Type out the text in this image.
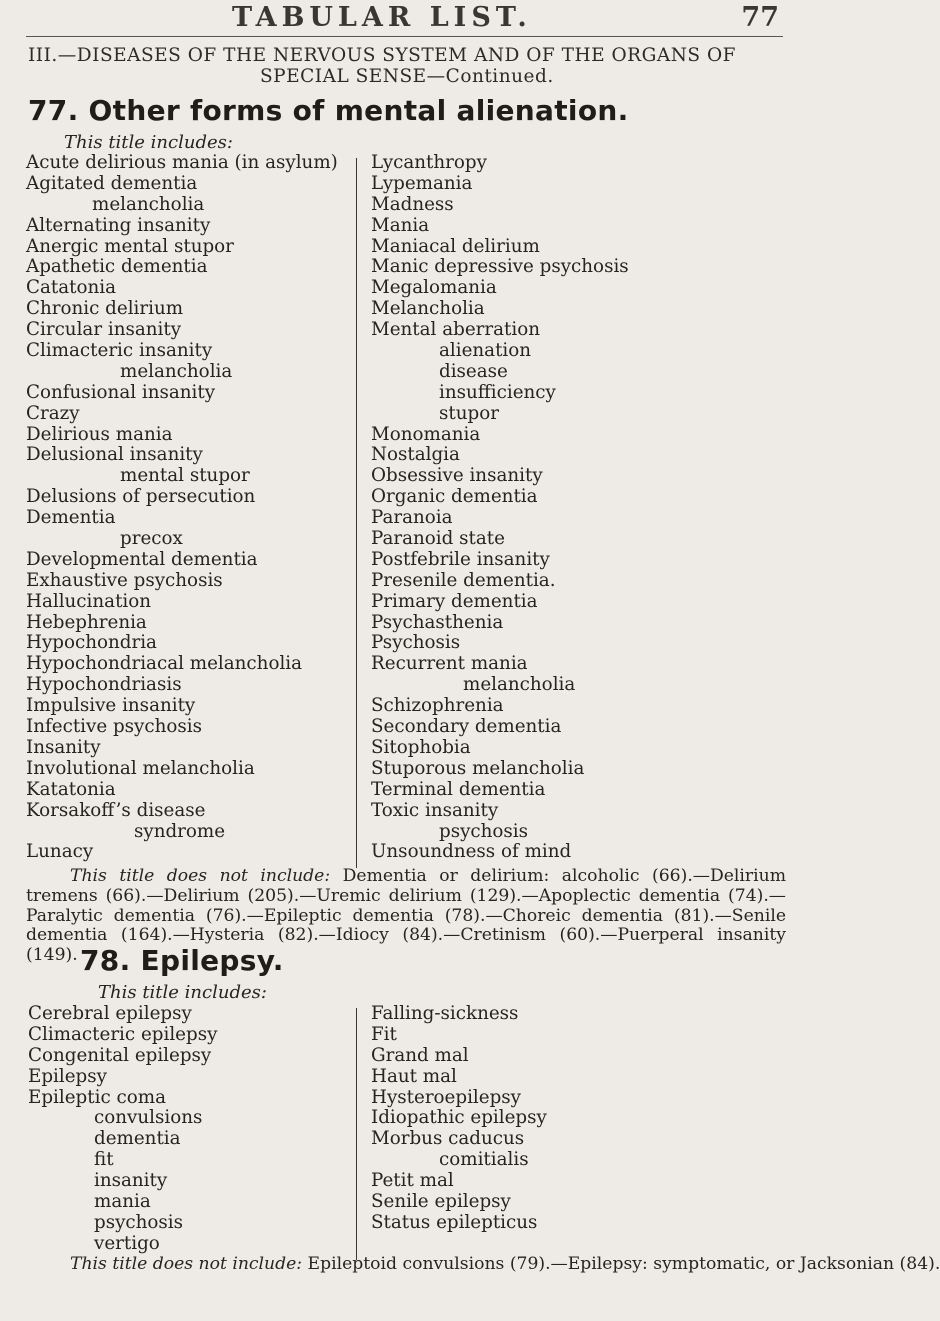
TABULAR LIST.	77
III.—DISEASES OF THE NERVOUS SYSTEM AND OF THE ORGANS OF
SPECIAL SENSE—Continued.
77. Other forms of mental alienation.
This title includes:
Acute delirious mania (in asylum)
Agitated dementia
melancholia
Alternating insanity
Anergic mental stupor
Apathetic dementia
Catatonia
Chronic delirium
Circular insanity
Climacteric insanity
melancholia
Confusional insanity
Crazy
Delirious mania
Delusional insanity
mental stupor
Delusions of persecution
Dementia
precox
Developmental dementia
Exhaustive psychosis
Hallucination
Hebephrenia
Hypochondria
Hypochondriacal melancholia
Hypochondriasis
Impulsive insanity
Infective psychosis
Insanity
Involutional melancholia
Katatonia
Korsakoff’s disease
syndrome
Lunacy
Lycanthropy
Lypemania
Madness
Mania
Maniacal delirium
Manic depressive psychosis
Megalomania
Melancholia
Mental aberration
alienation
disease
insufficiency
stupor
Monomania
Nostalgia
Obsessive insanity
Organic dementia
Paranoia
Paranoid state
Postfebrile insanity
Presenile dementia.
Primary dementia
Psychasthenia
Psychosis
Recurrent mania
melancholia
Schizophrenia
Secondary dementia
Sitophobia
Stuporous melancholia
Terminal dementia
Toxic insanity
psychosis
Unsoundness of mind
This title does not include: Dementia or delirium: alcoholic (66).—Delirium tremens (66).—Delirium (205).—Uremic delirium (129).—Apoplectic dementia (74).—Paralytic dementia (76).—Epileptic dementia (78).—Choreic dementia (81).—Senile dementia (164).—Hysteria (82).—Idiocy (84).—Cretinism (60).—Puerperal insanity (149). 78. Epilepsy.
This title includes:
Cerebral epilepsy
Climacteric epilepsy
Congenital epilepsy
Epilepsy
Epileptic coma
convulsions
dementia
fit
insanity
mania
psychosis
vertigo
Falling-sickness
Fit
Grand mal
Haut mal
Hysteroepilepsy
Idiopathic epilepsy
Morbus caducus
comitialis
Petit mal
Senile epilepsy
Status epilepticus
This title does not include: Epileptoid convulsions (79).—Epilepsy: symptomatic, or Jacksonian (84).
